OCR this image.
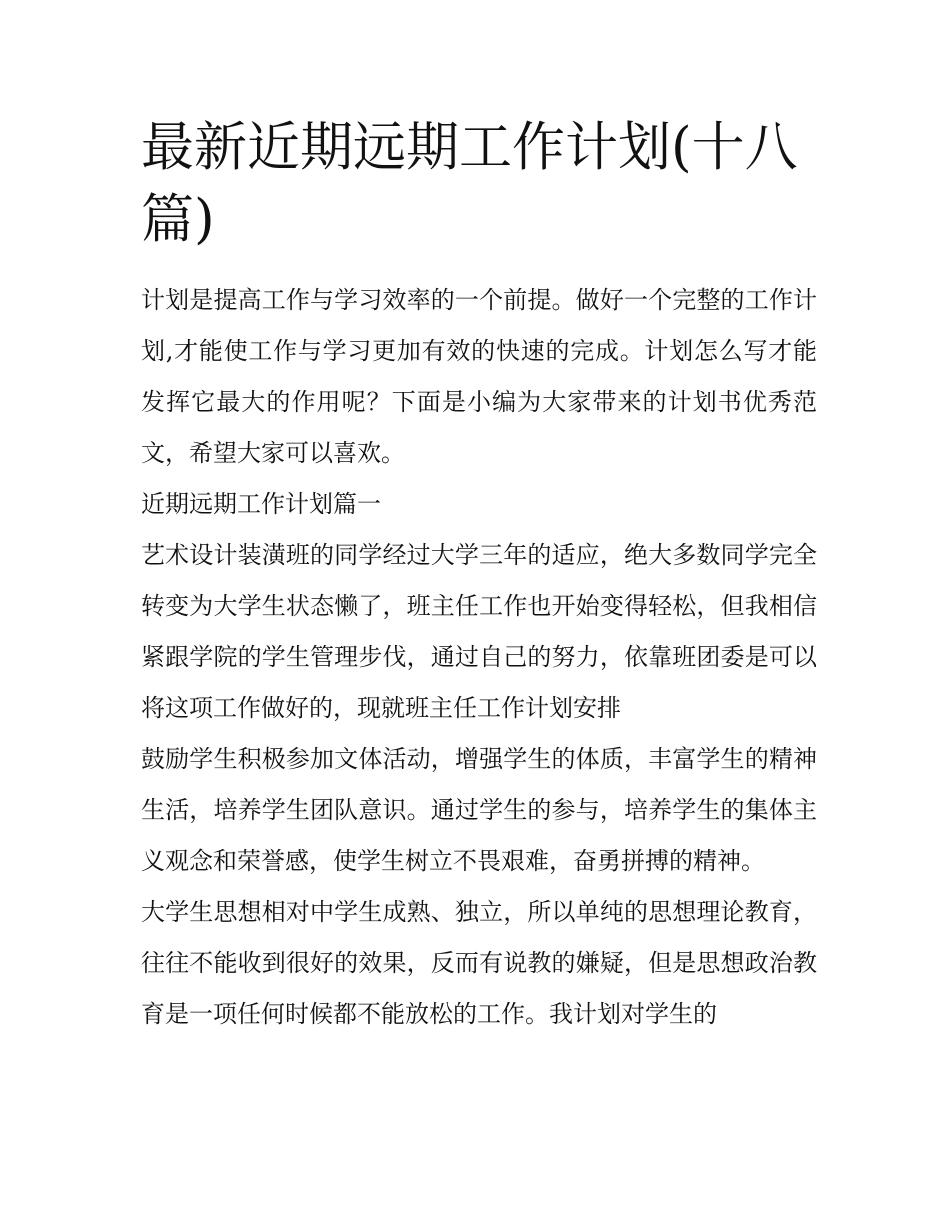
最新近期远期工作计划(十八篇)

计划是提高工作与学习效率的一个前提。做好一个完整的工作计划,才能使工作与学习更加有效的快速的完成。计划怎么写才能发挥它最大的作用呢？下面是小编为大家带来的计划书优秀范文，希望大家可以喜欢。

近期远期工作计划篇一

艺术设计装潢班的同学经过大学三年的适应，绝大多数同学完全转变为大学生状态懒了，班主任工作也开始变得轻松，但我相信紧跟学院的学生管理步伐，通过自己的努力，依靠班团委是可以将这项工作做好的，现就班主任工作计划安排

鼓励学生积极参加文体活动，增强学生的体质，丰富学生的精神生活，培养学生团队意识。通过学生的参与，培养学生的集体主义观念和荣誉感，使学生树立不畏艰难，奋勇拼搏的精神。

大学生思想相对中学生成熟、独立，所以单纯的思想理论教育，往往不能收到很好的效果，反而有说教的嫌疑，但是思想政治教育是一项任何时候都不能放松的工作。我计划对学生的
